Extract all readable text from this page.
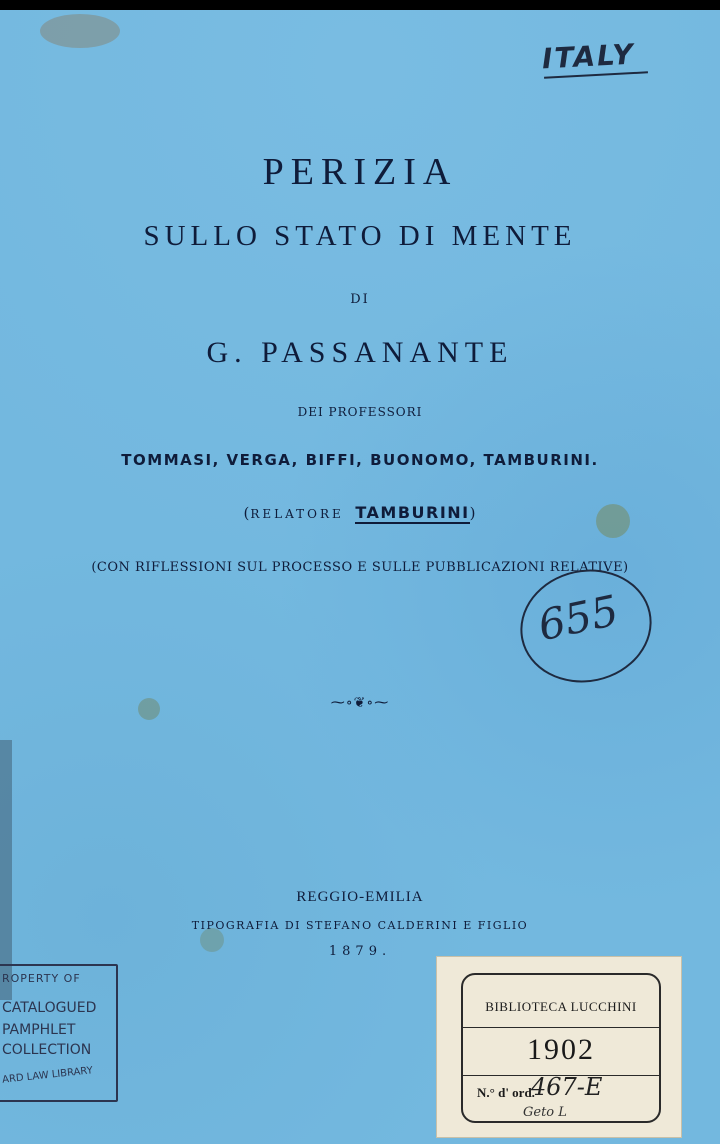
ITALY
PERIZIA
SULLO STATO DI MENTE
DI
G. PASSANANTE
DEI PROFESSORI
TOMMASI, VERGA, BIFFI, BUONOMO, TAMBURINI.
(RELATORE TAMBURINI)
(CON RIFLESSIONI SUL PROCESSO E SULLE PUBBLICAZIONI RELATIVE)
655
⁓∘❦∘⁓
REGGIO-EMILIA
TIPOGRAFIA DI STEFANO CALDERINI E FIGLIO
1879.
ROPERTY OF
CATALOGUED
PAMPHLET
COLLECTION
ARD LAW LIBRARY
BIBLIOTECA LUCCHINI
1902
N.° d' ord.
467-E
Geto L
